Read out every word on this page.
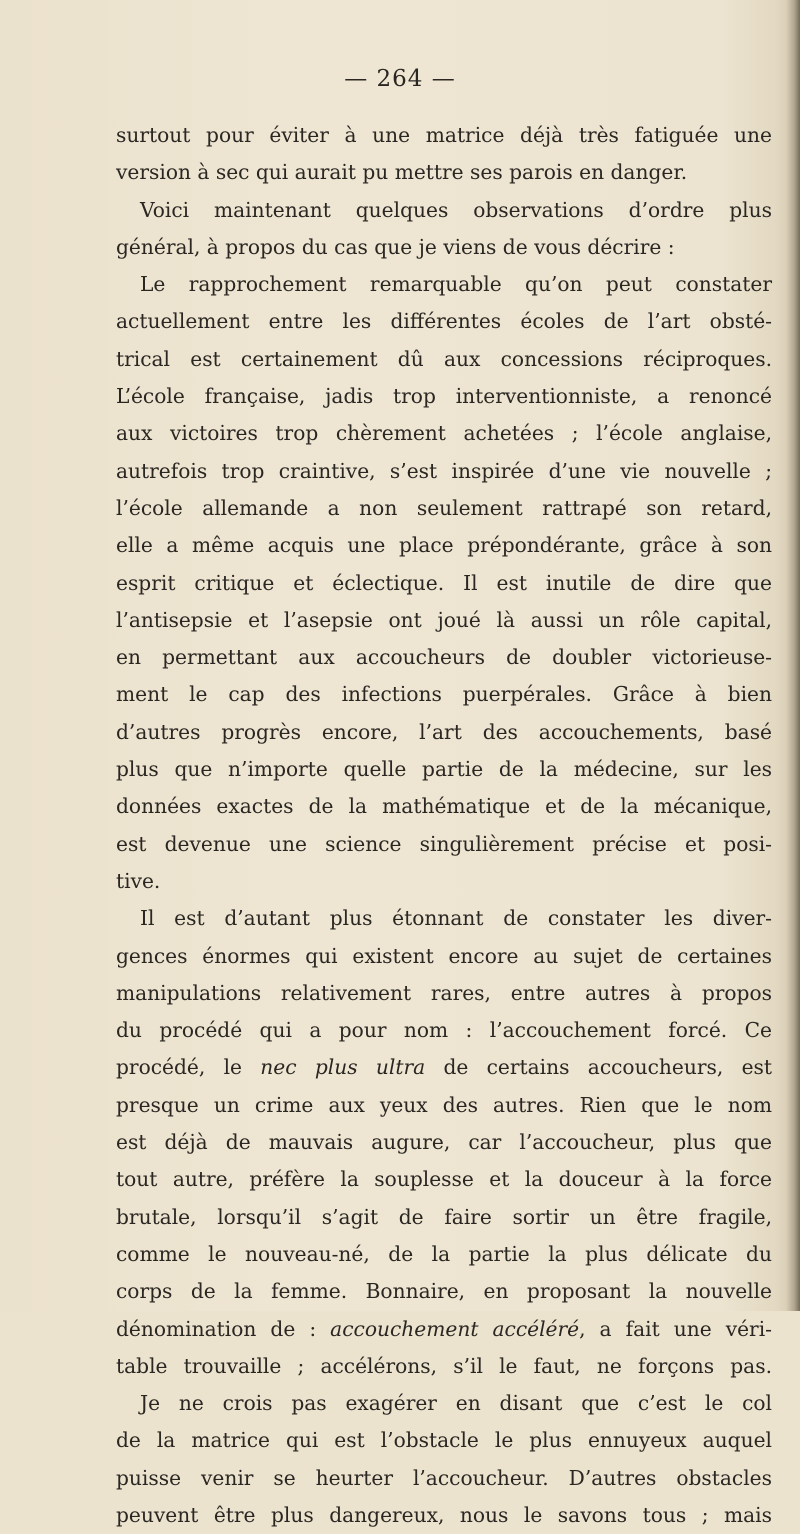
— 264 —
surtout pour éviter à une matrice déjà très fatiguée une
version à sec qui aurait pu mettre ses parois en danger.
Voici maintenant quelques observations d’ordre plus
général, à propos du cas que je viens de vous décrire :
Le rapprochement remarquable qu’on peut constater
actuellement entre les différentes écoles de l’art obsté-
trical est certainement dû aux concessions réciproques.
L’école française, jadis trop interventionniste, a renoncé
aux victoires trop chèrement achetées ; l’école anglaise,
autrefois trop craintive, s’est inspirée d’une vie nouvelle ;
l’école allemande a non seulement rattrapé son retard,
elle a même acquis une place prépondérante, grâce à son
esprit critique et éclectique. Il est inutile de dire que
l’antisepsie et l’asepsie ont joué là aussi un rôle capital,
en permettant aux accoucheurs de doubler victorieuse-
ment le cap des infections puerpérales. Grâce à bien
d’autres progrès encore, l’art des accouchements, basé
plus que n’importe quelle partie de la médecine, sur les
données exactes de la mathématique et de la mécanique,
est devenue une science singulièrement précise et posi-
tive.
Il est d’autant plus étonnant de constater les diver-
gences énormes qui existent encore au sujet de certaines
manipulations relativement rares, entre autres à propos
du procédé qui a pour nom : l’accouchement forcé. Ce
procédé, le nec plus ultra de certains accoucheurs, est
presque un crime aux yeux des autres. Rien que le nom
est déjà de mauvais augure, car l’accoucheur, plus que
tout autre, préfère la souplesse et la douceur à la force
brutale, lorsqu’il s’agit de faire sortir un être fragile,
comme le nouveau-né, de la partie la plus délicate du
corps de la femme. Bonnaire, en proposant la nouvelle
dénomination de : accouchement accéléré, a fait une véri-
table trouvaille ; accélérons, s’il le faut, ne forçons pas.
Je ne crois pas exagérer en disant que c’est le col
de la matrice qui est l’obstacle le plus ennuyeux auquel
puisse venir se heurter l’accoucheur. D’autres obstacles
peuvent être plus dangereux, nous le savons tous ; mais
